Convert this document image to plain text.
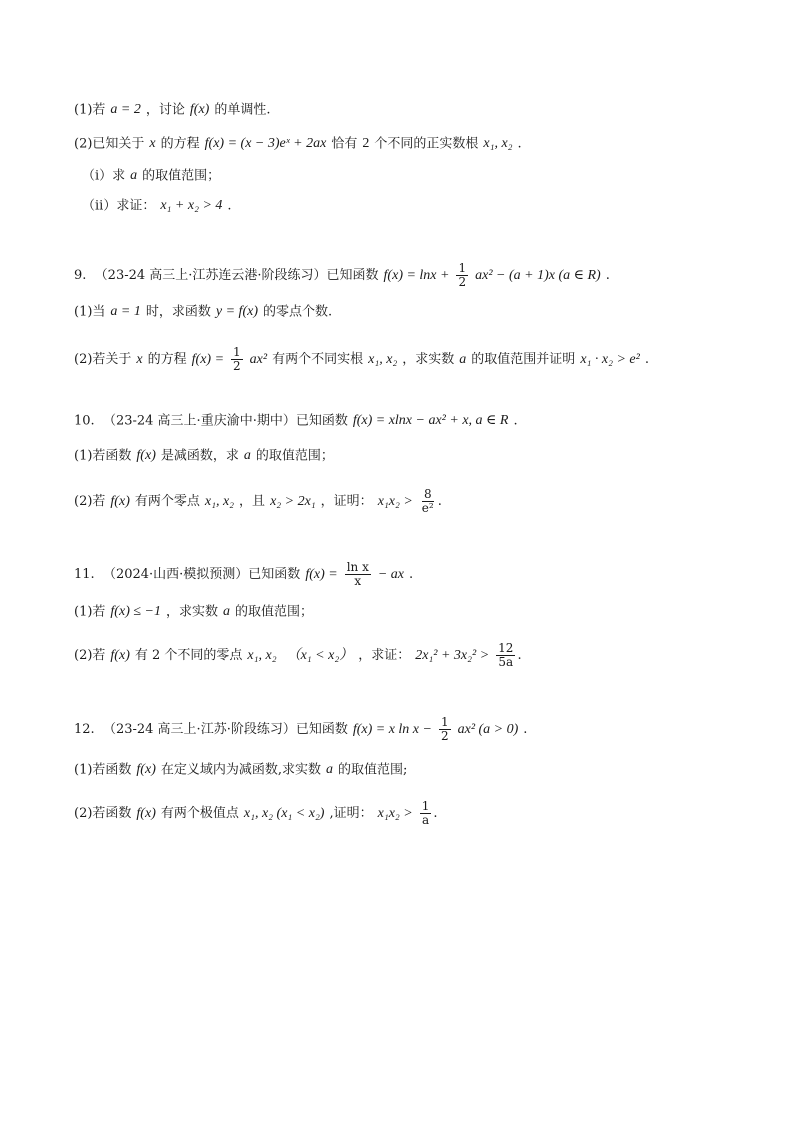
(1)若 a = 2 ，讨论 f(x) 的单调性.
(2)已知关于 x 的方程 f(x) = (x − 3)eˣ + 2ax 恰有 2 个不同的正实数根 x₁, x₂ .
（i）求 a 的取值范围；
（ii）求证： x₁ + x₂ > 4 .
9. （23-24 高三上·江苏连云港·阶段练习）已知函数 $f(x) = \ln x + \frac{1}{2} ax^2 - (a + 1)x$ (a ∈ R) .
(1)当 a = 1 时，求函数 y = f(x) 的零点个数.
(2)若关于 x 的方程 $f(x) = \frac{1}{2} ax^2$ 有两个不同实根 x₁, x₂ ，求实数 a 的取值范围并证明 x₁ · x₂ > e² .
10. （23-24 高三上·重庆渝中·期中）已知函数 f(x) = xlnx − ax² + x, a ∈ R .
(1)若函数 f(x) 是减函数，求 a 的取值范围；
(2)若 f(x) 有两个零点 x₁, x₂ ，且 x₂ > 2x₁ ，证明： $x_1x_2 > \frac{8}{\text{e²}}$ .
11. （2024·山西·模拟预测）已知函数 $f(x) = \frac{\text{ln x}}{x}$ − ax .
(1)若 f(x) ≤ −1 ，求实数 a 的取值范围；
(2)若 f(x) 有 2 个不同的零点 x₁, x₂ （x₁ < x₂） ，求证： $2x_1^2 + 3x_2^2 > \frac{12}{5a}$ .
12. （23-24 高三上·江苏·阶段练习）已知函数 f(x) = x $\ln x - \frac{1}{2} ax^2$ (a > 0) .
(1)若函数 f(x) 在定义域内为减函数,求实数 a 的取值范围;
(2)若函数 f(x) 有两个极值点 x₁, x₂ (x₁ < x₂) ,证明： $x_1x_2 > \frac{1}{a}$ .
